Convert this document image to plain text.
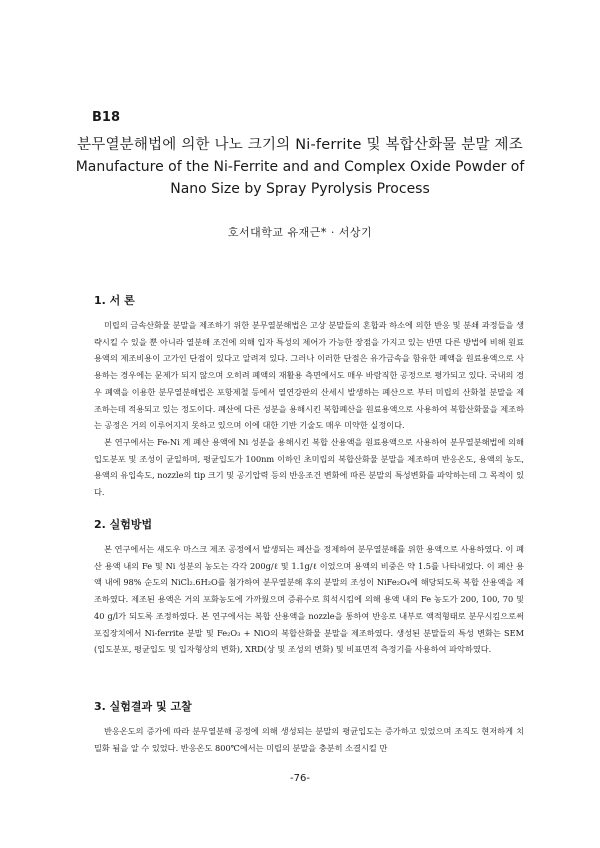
B18
분무열분해법에 의한 나노 크기의 Ni-ferrite 및 복합산화물 분말 제조
Manufacture of the Ni-Ferrite and and Complex Oxide Powder of
Nano Size by Spray Pyrolysis Process
호서대학교 유재근* · 서상기
1. 서 론

미립의 금속산화물 분말을 제조하기 위한 분무열분해법은 고상 분말들의 혼합과 하소에 의한 반응 및 분쇄 과정들을 생략시킬 수 있을 뿐 아니라 열분해 조건에 의해 입자 특성의 제어가 가능한 장점을 가지고 있는 반면 다른 방법에 비해 원료용액의 제조비용이 고가인 단점이 있다고 알려져 있다. 그러나 이러한 단점은 유가금속을 함유한 폐액을 원료용액으로 사용하는 경우에는 문제가 되지 않으며 오히려 폐액의 재활용 측면에서도 매우 바람직한 공정으로 평가되고 있다. 국내의 경우 폐액을 이용한 분무열분해법은 포항제철 등에서 열연강판의 산세시 발생하는 폐산으로 부터 미립의 산화철 분말을 제조하는데 적용되고 있는 정도이다. 폐산에 다른 성분을 용해시킨 복합폐산을 원료용액으로 사용하여 복합산화물을 제조하는 공정은 거의 이루어지지 못하고 있으며 이에 대한 기반 기술도 매우 미약한 실정이다.

본 연구에서는 Fe-Ni 계 폐산 용액에 Ni 성분을 용해시킨 복합 산용액을 원료용액으로 사용하여 분무열분해법에 의해 입도분포 및 조성이 균일하며, 평균입도가 100nm 이하인 초미립의 복합산화물 분말을 제조하며 반응온도, 용액의 농도, 용액의 유입속도, nozzle의 tip 크기 및 공기압력 등의 반응조건 변화에 따른 분말의 특성변화를 파악하는데 그 목적이 있다.

2. 실험방법

본 연구에서는 섀도우 마스크 제조 공정에서 발생되는 폐산을 정제하여 분무열분해를 위한 용액으로 사용하였다. 이 폐산 용액 내의 Fe 및 Ni 성분의 농도는 각각 200g/ℓ 및 1.1g/ℓ 이었으며 용액의 비중은 약 1.5를 나타내었다. 이 폐산 용액 내에 98% 순도의 NiCl₂.6H₂O를 첨가하여 분무열분해 후의 분말의 조성이 NiFe₂O₄에 해당되도록 복합 산용액을 제조하였다. 제조된 용액은 거의 포화농도에 가까웠으며 증류수로 희석시킴에 의해 용액 내의 Fe 농도가 200, 100, 70 및 40 g/l가 되도록 조정하였다. 본 연구에서는 복합 산용액을 nozzle을 통하여 반응로 내부로 액적형태로 분무시킴으로써 포집장치에서 Ni-ferrite 분말 및 Fe₂O₃ + NiO의 복합산화물 분말을 제조하였다. 생성된 분말들의 특성 변화는 SEM (입도분포, 평균입도 및 입자형상의 변화), XRD(상 및 조성의 변화) 및 비표면적 측정기를 사용하여 파악하였다.

3. 실험결과 및 고찰

반응온도의 증가에 따라 분무열분해 공정에 의해 생성되는 분말의 평균입도는 증가하고 있었으며 조직도 현저하게 치밀화 됨을 알 수 있었다. 반응온도 800℃에서는 미립의 분말을 충분히 소결시킬 만

-76-
